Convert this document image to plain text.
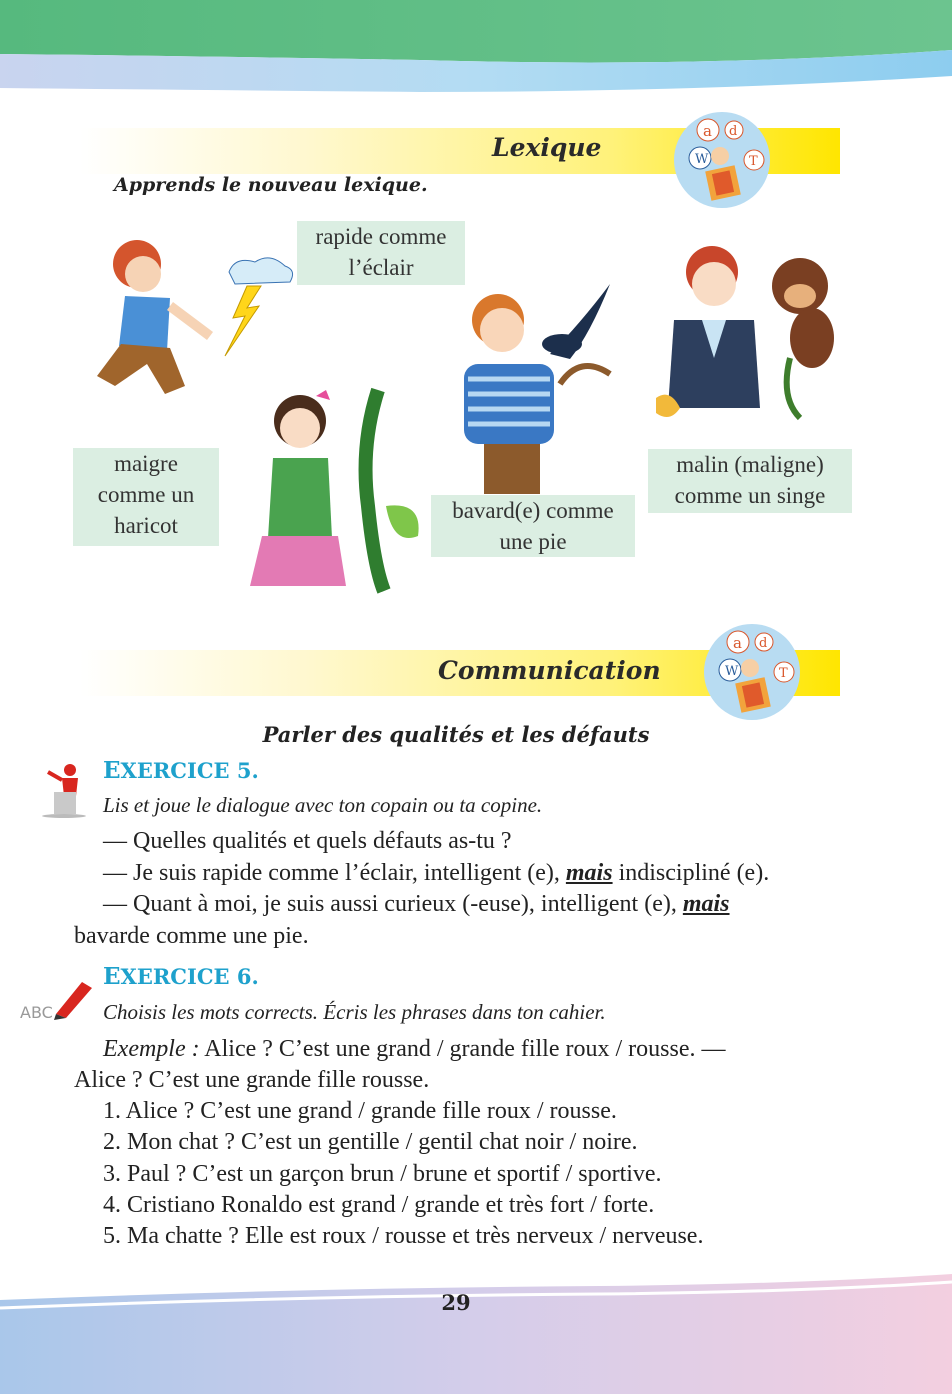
Lexique
Apprends le nouveau lexique.
W
a d
T
rapide comme
l’éclair
maigre
comme un
haricot
bavard(e) comme
une pie
malin (maligne)
comme un singe
Communication	W
a d
T
Parler des qualités et les défauts
EXERCICE 5.
Lis et joue le dialogue avec ton copain ou ta copine.
— Quelles qualités et quels défauts as-tu ?
— Je suis rapide comme l’éclair, intelligent (e), mais indiscipliné (e).
— Quant à moi, je suis aussi curieux (-euse), intelligent (e), mais
bavarde comme une pie.
ABC
EXERCICE 6.
Choisis les mots corrects. Écris les phrases dans ton cahier.
Exemple : Alice ? C’est une grand / grande fille roux / rousse. —
Alice ? C’est une grande fille rousse.
1. Alice ? C’est une grand / grande fille roux / rousse.
2. Mon chat ? C’est un gentille / gentil chat noir / noire.
3. Paul ? C’est un garçon brun / brune et sportif / sportive.
4. Cristiano Ronaldo est grand / grande et très fort / forte.
5. Ma chatte ? Elle est roux / rousse et très nerveux / nerveuse.
29
